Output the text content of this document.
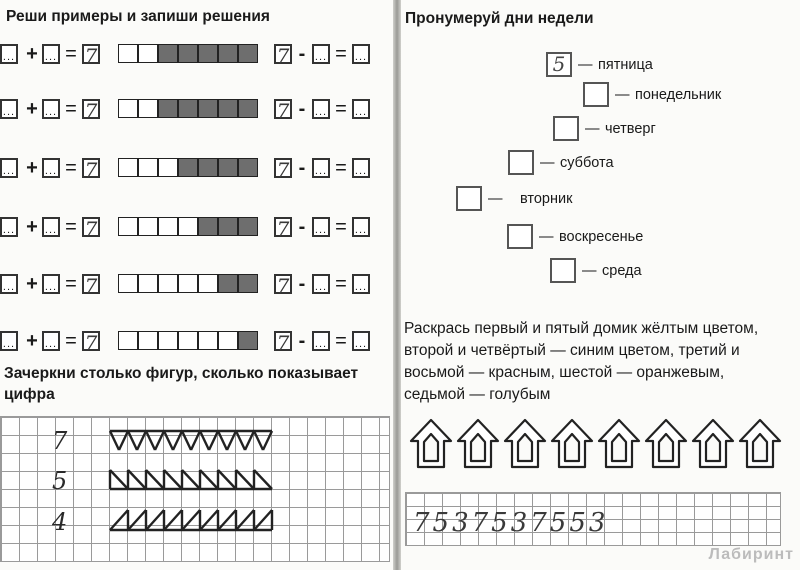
Реши примеры и запиши решения
... + ... = 7	7 - ... = ...
... + ... = 7	7 - ... = ...
... + ... = 7	7 - ... = ...
... + ... = 7	7 - ... = ...
... + ... = 7	7 - ... = ...
... + ... = 7	7 - ... = ...
Зачеркни столько фигур, сколько показывает
цифра
7
5
4
Пронумеруй дни недели
5 — пятница
— понедельник
— четверг
— суббота
— вторник
— воскресенье
— среда

Раскрась первый и пятый домик жёлтым цветом,

второй и четвёртый — синим цветом, третий и

восьмой — красным, шестой — оранжевым,

седьмой — голубым

7537537553
Лабиринт
